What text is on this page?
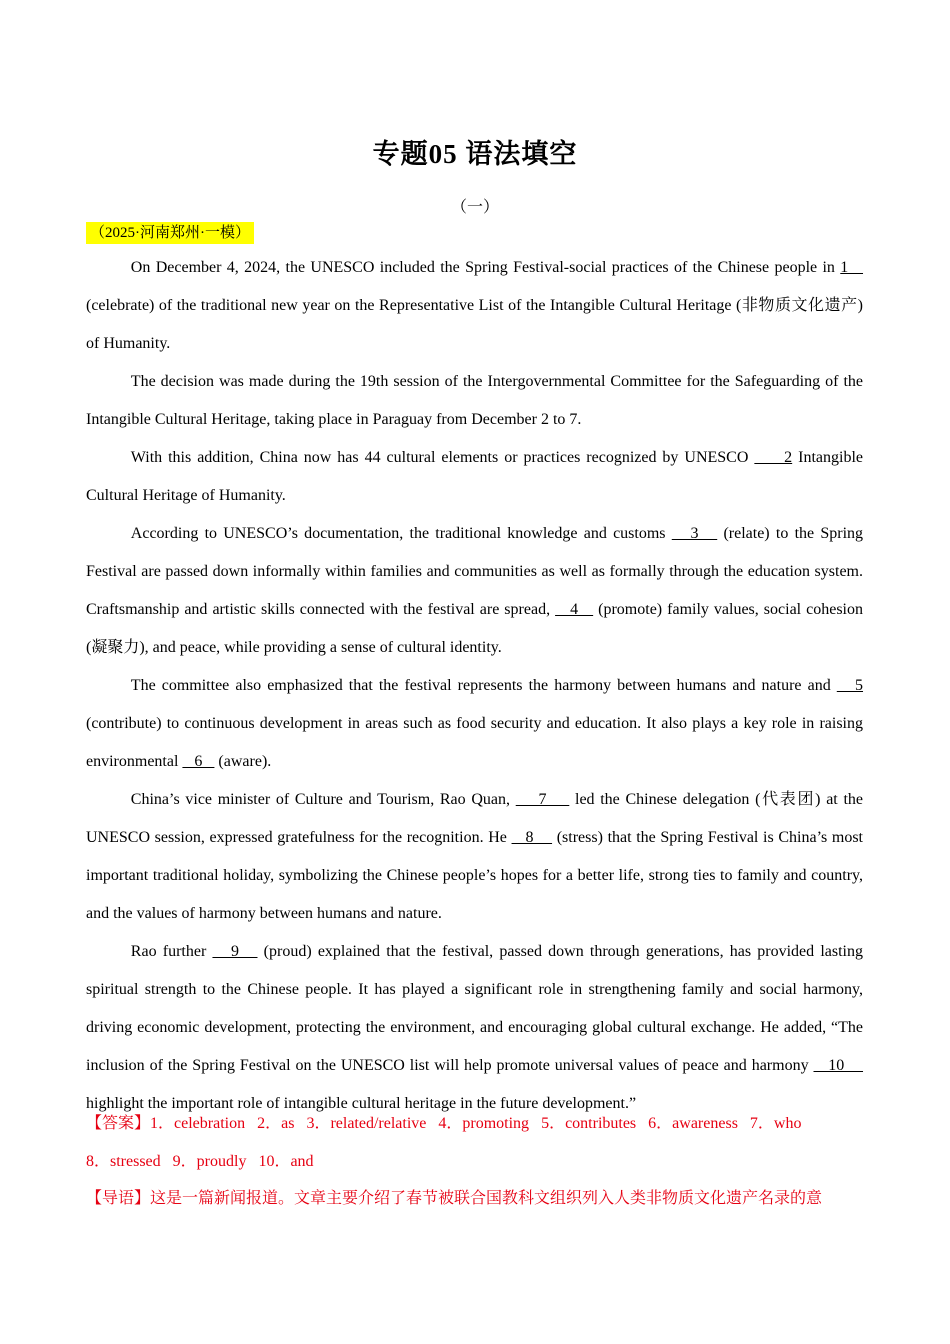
专题05 语法填空
（一）
（2025·河南郑州·一模）

On December 4, 2024, the UNESCO included the Spring Festival-social practices of the Chinese people in 1    (celebrate) of the traditional new year on the Representative List of the Intangible Cultural Heritage (非物质文化遗产) of Humanity.

The decision was made during the 19th session of the Intergovernmental Committee for the Safeguarding of the Intangible Cultural Heritage, taking place in Paraguay from December 2 to 7.

With this addition, China now has 44 cultural elements or practices recognized by UNESCO      2 Intangible Cultural Heritage of Humanity.

According to UNESCO’s documentation, the traditional knowledge and customs    3    (relate) to the Spring Festival are passed down informally within families and communities as well as formally through the education system. Craftsmanship and artistic skills connected with the festival are spread,    4    (promote) family values, social cohesion (凝聚力), and peace, while providing a sense of cultural identity.

The committee also emphasized that the festival represents the harmony between humans and nature and    5 (contribute) to continuous development in areas such as food security and education. It also plays a key role in raising environmental    6    (aware).

China’s vice minister of Culture and Tourism, Rao Quan,     7     led the Chinese delegation (代表团) at the UNESCO session, expressed gratefulness for the recognition. He    8     (stress) that the Spring Festival is China’s most important traditional holiday, symbolizing the Chinese people’s hopes for a better life, strong ties to family and country, and the values of harmony between humans and nature.

Rao further    9    (proud) explained that the festival, passed down through generations, has provided lasting spiritual strength to the Chinese people. It has played a significant role in strengthening family and social harmony, driving economic development, protecting the environment, and encouraging global cultural exchange. He added, “The inclusion of the Spring Festival on the UNESCO list will help promote universal values of peace and harmony    10     highlight the important role of intangible cultural heritage in the future development.”

【答案】1．celebration 2．as 3．related/relative 4．promoting 5．contributes 6．awareness 7．who

8．stressed 9．proudly 10．and

【导语】这是一篇新闻报道。文章主要介绍了春节被联合国教科文组织列入人类非物质文化遗产名录的意
